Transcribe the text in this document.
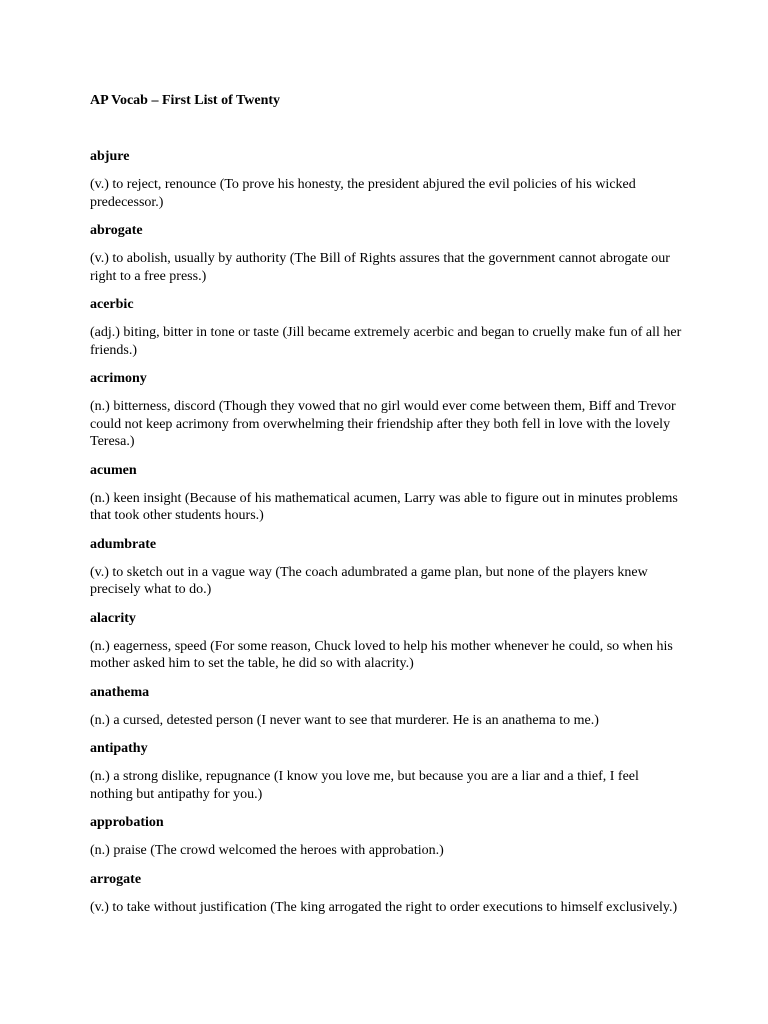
AP Vocab – First List of Twenty

abjure

(v.) to reject, renounce (To prove his honesty, the president abjured the evil policies of his wicked predecessor.)

abrogate

(v.) to abolish, usually by authority (The Bill of Rights assures that the government cannot abrogate our right to a free press.)

acerbic

(adj.) biting, bitter in tone or taste (Jill became extremely acerbic and began to cruelly make fun of all her friends.)

acrimony

(n.) bitterness, discord (Though they vowed that no girl would ever come between them, Biff and Trevor could not keep acrimony from overwhelming their friendship after they both fell in love with the lovely Teresa.)

acumen

(n.) keen insight (Because of his mathematical acumen, Larry was able to figure out in minutes problems that took other students hours.)

adumbrate

(v.) to sketch out in a vague way (The coach adumbrated a game plan, but none of the players knew precisely what to do.)

alacrity

(n.) eagerness, speed (For some reason, Chuck loved to help his mother whenever he could, so when his mother asked him to set the table, he did so with alacrity.)

anathema

(n.) a cursed, detested person (I never want to see that murderer. He is an anathema to me.)

antipathy

(n.) a strong dislike, repugnance (I know you love me, but because you are a liar and a thief, I feel nothing but antipathy for you.)

approbation

(n.) praise (The crowd welcomed the heroes with approbation.)

arrogate

(v.) to take without justification (The king arrogated the right to order executions to himself exclusively.)
